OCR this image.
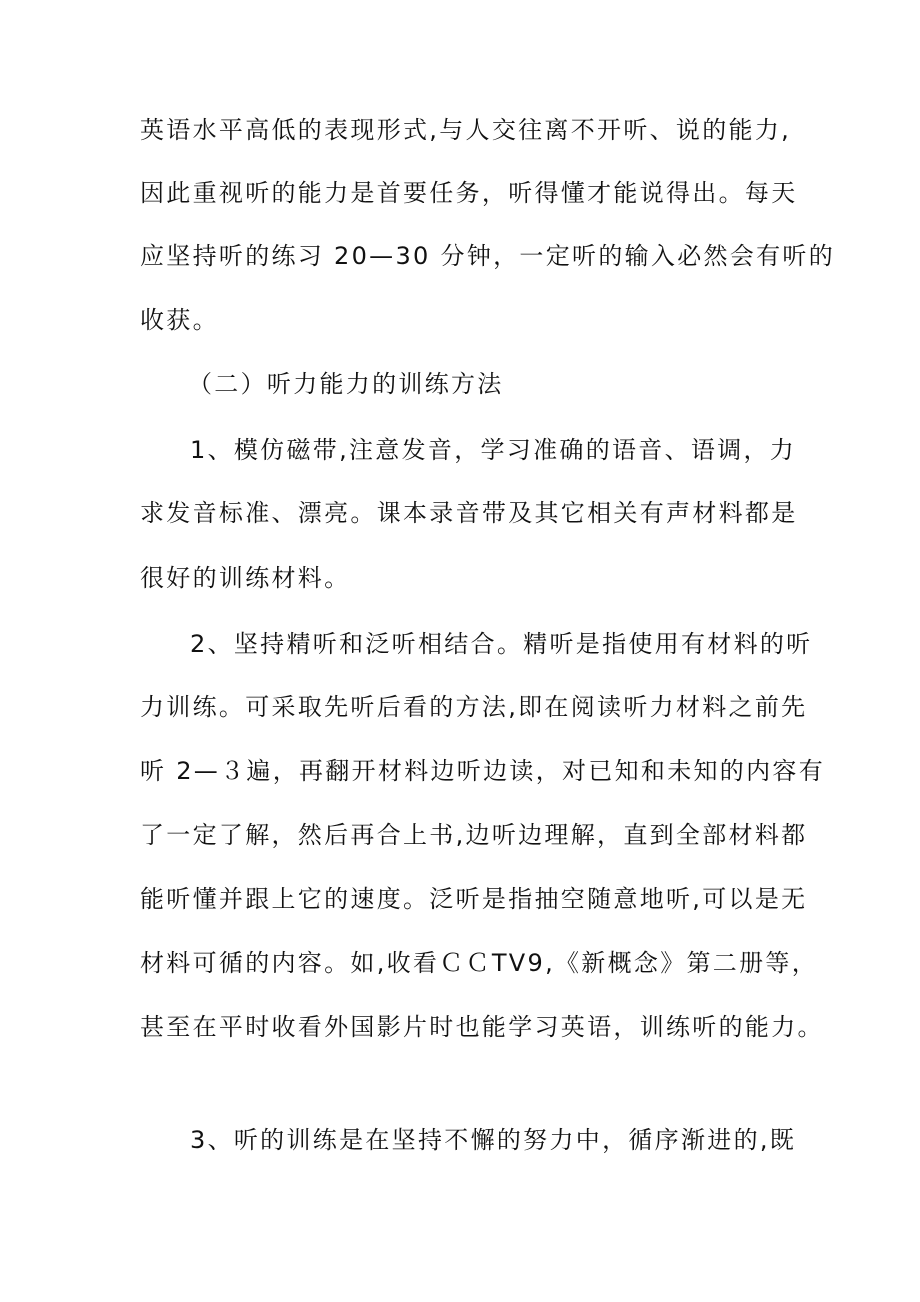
英语水平高低的表现形式,与人交往离不开听、说的能力,
因此重视听的能力是首要任务，听得懂才能说得出。每天
应坚持听的练习 20—30 分钟，一定听的输入必然会有听的
收获。
（二）听力能力的训练方法
1、模仿磁带,注意发音，学习准确的语音、语调，力
求发音标准、漂亮。课本录音带及其它相关有声材料都是
很好的训练材料。
2、坚持精听和泛听相结合。精听是指使用有材料的听
力训练。可采取先听后看的方法,即在阅读听力材料之前先
听 2—３遍，再翻开材料边听边读，对已知和未知的内容有
了一定了解，然后再合上书,边听边理解，直到全部材料都
能听懂并跟上它的速度。泛听是指抽空随意地听,可以是无
材料可循的内容。如,收看ＣＣTV9,《新概念》第二册等，
甚至在平时收看外国影片时也能学习英语，训练听的能力。
3、听的训练是在坚持不懈的努力中，循序渐进的,既
